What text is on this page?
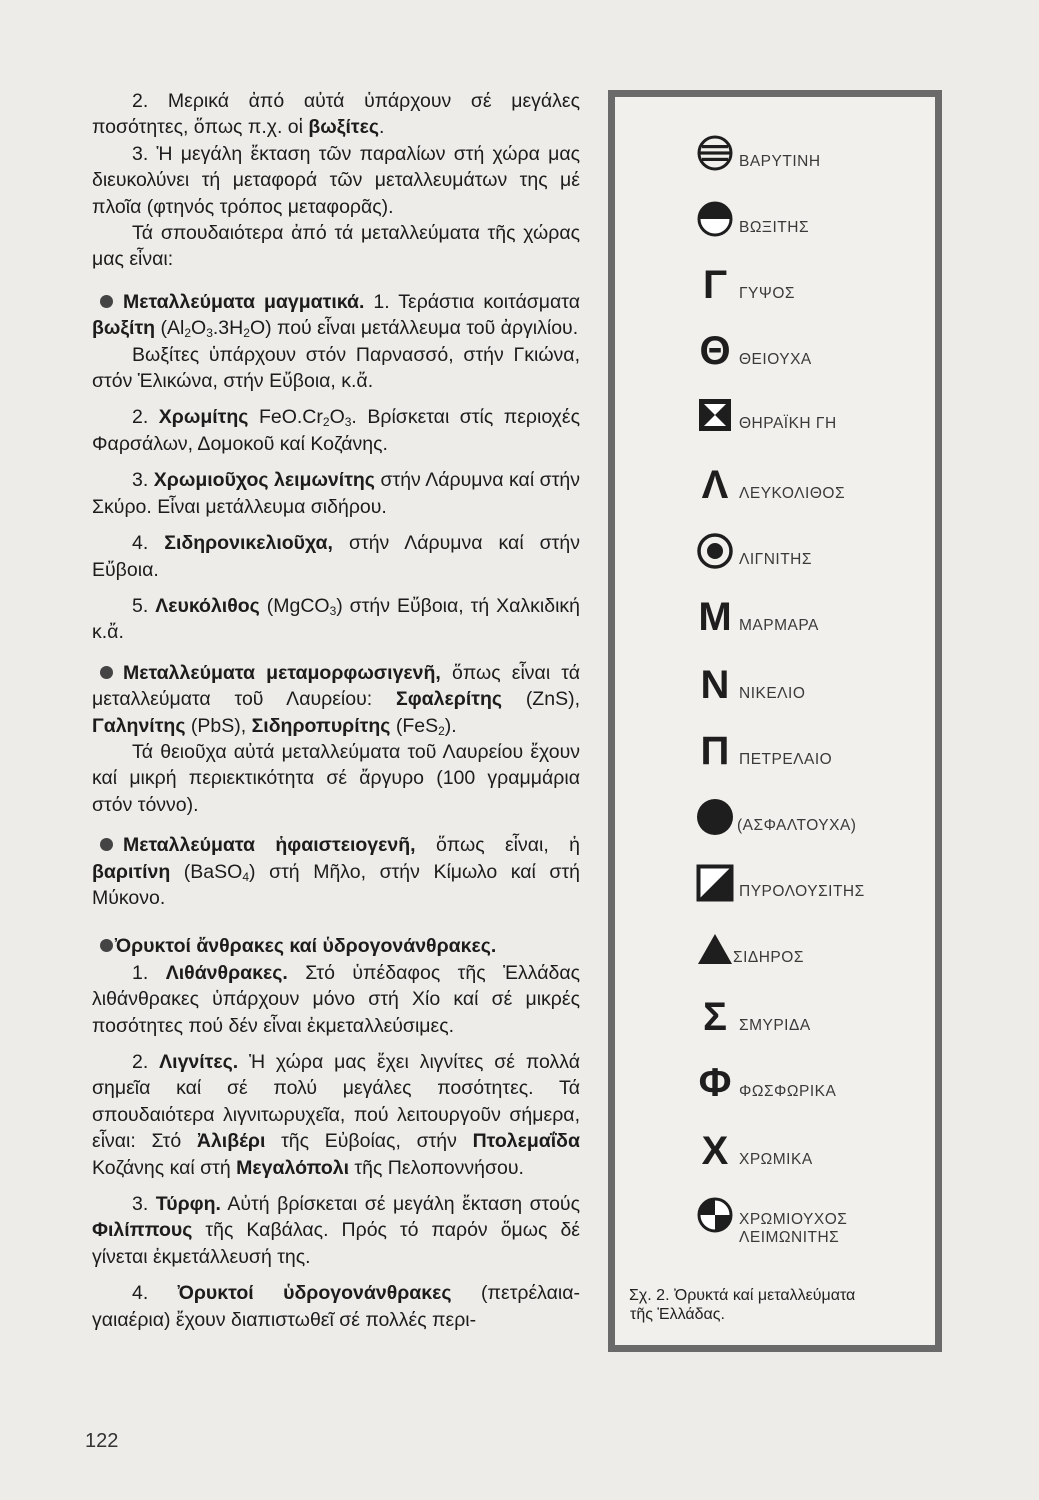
2. Μερικά ἀπό αὐτά ὑπάρχουν σέ μεγάλες ποσότητες, ὅπως π.χ. οἱ βωξίτες.

3. Ἡ μεγάλη ἔκταση τῶν παραλίων στή χώρα μας διευκολύνει τή μεταφορά τῶν μεταλλευμάτων της μέ πλοῖα (φτηνός τρόπος μεταφορᾶς).

Τά σπουδαιότερα ἀπό τά μεταλλεύματα τῆς χώρας μας εἶναι:

Μεταλλεύματα μαγματικά. 1. Τεράστια κοιτάσματα βωξίτη $(Al_2O_3.3H_2O)$ πού εἶναι μετάλλευμα τοῦ ἀργιλίου.

Βωξίτες ὑπάρχουν στόν Παρνασσό, στήν Γκιώνα, στόν Ἑλικώνα, στήν Εὔβοια, κ.ἄ.

2. Χρωμίτης $FeO.Cr_2O_3$. Βρίσκεται στίς περιοχές Φαρσάλων, Δομοκοῦ καί Κοζάνης.

3. Χρωμιοῦχος λειμωνίτης στήν Λάρυμνα καί στήν Σκύρο. Εἶναι μετάλλευμα σιδήρου.

4. Σιδηρονικελιοῦχα, στήν Λάρυμνα καί στήν Εὔβοια.

5. Λευκόλιθος (MgCO$_3$) στήν Εὔβοια, τή Χαλκιδική κ.ἄ.

Μεταλλεύματα μεταμορφωσιγενῆ, ὅπως εἶναι τά μεταλλεύματα τοῦ Λαυρείου: Σφαλερίτης (ZnS), Γαληνίτης (PbS), Σιδηροπυρίτης (FeS$_2$).

Τά θειοῦχα αὐτά μεταλλεύματα τοῦ Λαυρείου ἔχουν καί μικρή περιεκτικότητα σέ ἄργυρο (100 γραμμάρια στόν τόννο).

Μεταλλεύματα ἡφαιστειογενῆ, ὅπως εἶναι, ἡ βαριτίνη (BaSO$_4$) στή Μῆλο, στήν Κίμωλο καί στή Μύκονο.

Ὀρυκτοί ἄνθρακες καί ὑδρογονάνθρακες.

1. Λιθάνθρακες. Στό ὑπέδαφος τῆς Ἑλλάδας λιθάνθρακες ὑπάρχουν μόνο στή Χίο καί σέ μικρές ποσότητες πού δέν εἶναι ἐκμεταλλεύσιμες.

2. Λιγνίτες. Ἡ χώρα μας ἔχει λιγνίτες σέ πολλά σημεῖα καί σέ πολύ μεγάλες ποσότητες. Τά σπουδαιότερα λιγνιτωρυχεῖα, πού λειτουργοῦν σήμερα, εἶναι: Στό Ἀλιβέρι τῆς Εὐβοίας, στήν Πτολεμαΐδα Κοζάνης καί στή Μεγαλόπολι τῆς Πελοποννήσου.

3. Τύρφη. Αὐτή βρίσκεται σέ μεγάλη ἔκταση στούς Φιλίππους τῆς Καβάλας. Πρός τό παρόν ὅμως δέ γίνεται ἐκμετάλλευσή της.

4. Ὀρυκτοί ὑδρογονάνθρακες (πετρέλαια-γαιαέρια) ἔχουν διαπιστωθεῖ σέ πολλές περι-

ΒΑΡΥΤΙΝΗ
ΒΩΞΙΤΗΣ
Γ ΓΥΨΟΣ
Θ ΘΕΙΟΥΧΑ
ΘΗΡΑΪΚΗ ΓΗ
Λ ΛΕΥΚΟΛΙΘΟΣ
ΛΙΓΝΙΤΗΣ
Μ ΜΑΡΜΑΡΑ
Ν ΝΙΚΕΛΙΟ
Π ΠΕΤΡΕΛΑΙΟ
(ΑΣΦΑΛΤΟΥΧΑ)
ΠΥΡΟΛΟΥΣΙΤΗΣ
ΣΙΔΗΡΟΣ
Σ ΣΜΥΡΙΔΑ
Φ ΦΩΣΦΩΡΙΚΑ
Χ ΧΡΩΜΙΚΑ
ΧΡΩΜΙΟΥΧΟΣ
ΛΕΙΜΩΝΙΤΗΣ
Σχ. 2. Ὀρυκτά καί μεταλλεύματα
τῆς Ἑλλάδας.
122
